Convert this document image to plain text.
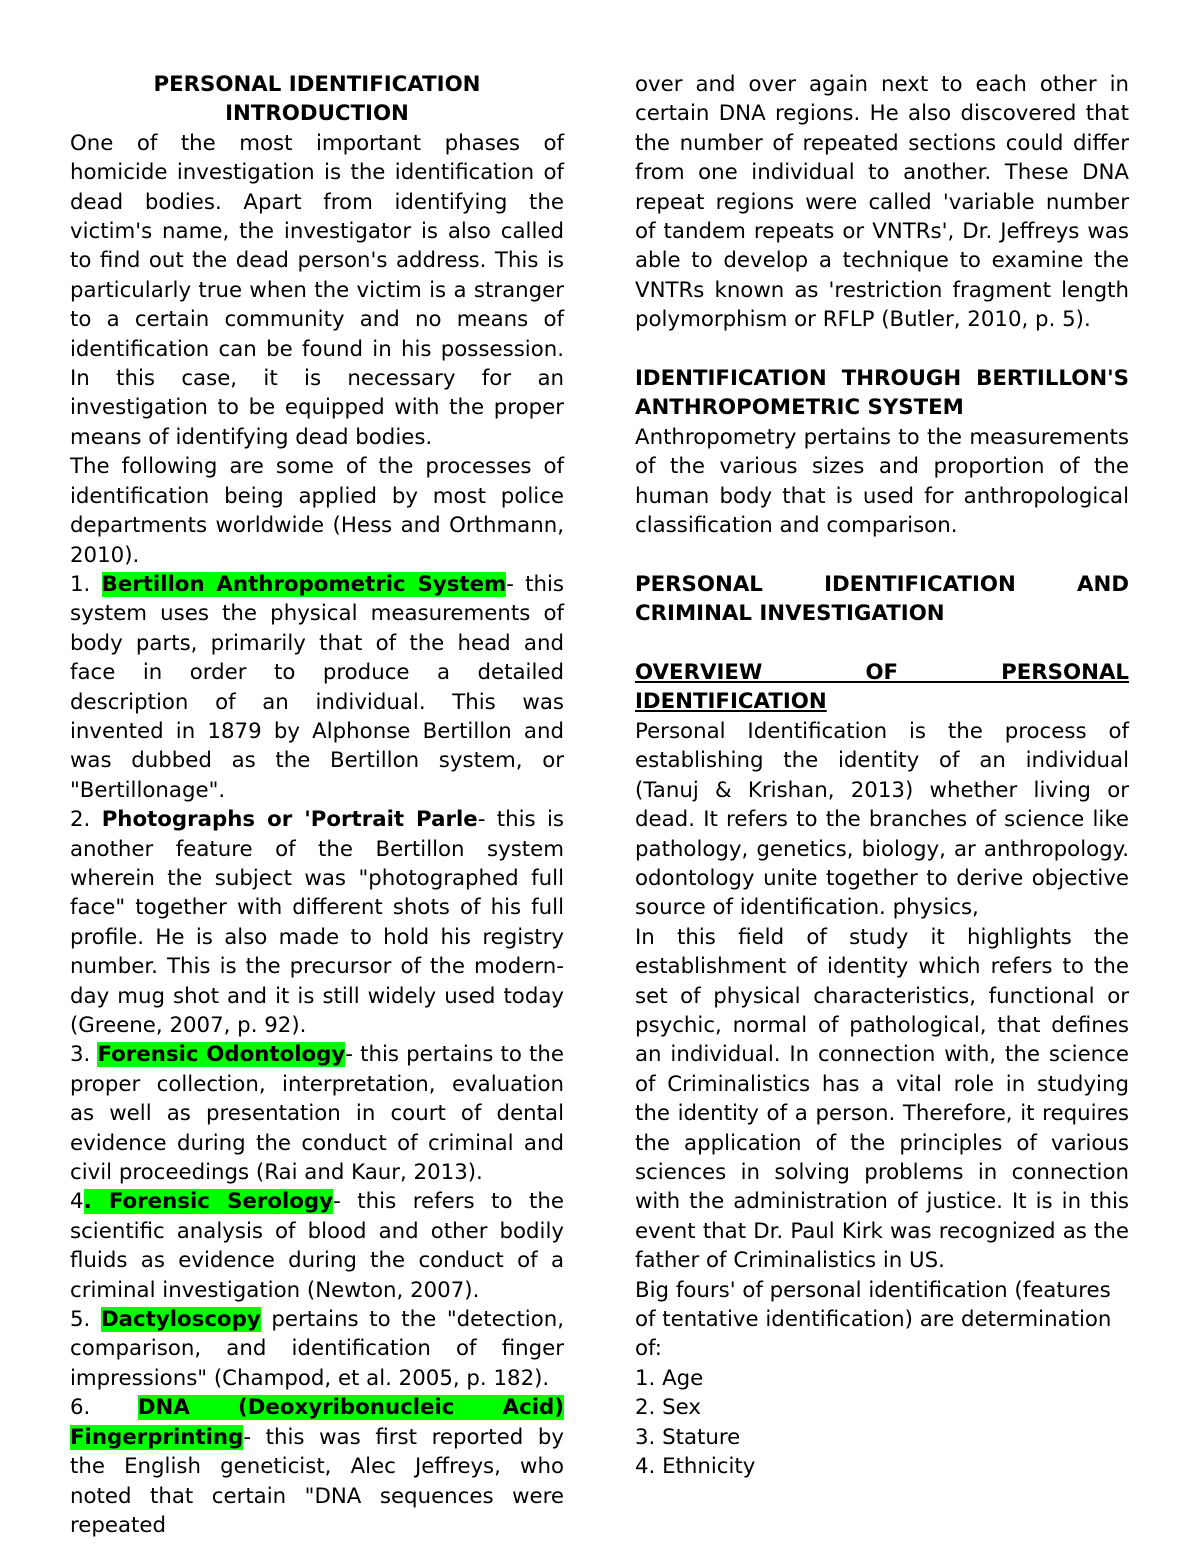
PERSONAL IDENTIFICATION

INTRODUCTION

One of the most important phases of homicide investigation is the identification of dead bodies. Apart from identifying the victim's name, the investigator is also called to find out the dead person's address. This is particularly true when the victim is a stranger to a certain community and no means of identification can be found in his possession. In this case, it is necessary for an investigation to be equipped with the proper means of identifying dead bodies.

The following are some of the processes of identification being applied by most police departments worldwide (Hess and Orthmann, 2010).

1. Bertillon Anthropometric System- this system uses the physical measurements of body parts, primarily that of the head and face in order to produce a detailed description of an individual. This was invented in 1879 by Alphonse Bertillon and was dubbed as the Bertillon system, or "Bertillonage".

2. Photographs or 'Portrait Parle- this is another feature of the Bertillon system wherein the subject was "photographed full face" together with different shots of his full profile. He is also made to hold his registry number. This is the precursor of the modern-day mug shot and it is still widely used today (Greene, 2007, p. 92).

3. Forensic Odontology- this pertains to the proper collection, interpretation, evaluation as well as presentation in court of dental evidence during the conduct of criminal and civil proceedings (Rai and Kaur, 2013).

4. Forensic Serology- this refers to the scientific analysis of blood and other bodily fluids as evidence during the conduct of a criminal investigation (Newton, 2007).

5. Dactyloscopy pertains to the "detection, comparison, and identification of finger impressions" (Champod, et al. 2005, p. 182).

6. DNA (Deoxyribonucleic Acid) Fingerprinting- this was first reported by the English geneticist, Alec Jeffreys, who noted that certain "DNA sequences were repeated

over and over again next to each other in certain DNA regions. He also discovered that the number of repeated sections could differ from one individual to another. These DNA repeat regions were called 'variable number of tandem repeats or VNTRs', Dr. Jeffreys was able to develop a technique to examine the VNTRs known as 'restriction fragment length polymorphism or RFLP (Butler, 2010, p. 5).

IDENTIFICATION THROUGH BERTILLON'S ANTHROPOMETRIC SYSTEM

Anthropometry pertains to the measurements of the various sizes and proportion of the human body that is used for anthropological classification and comparison.

PERSONAL IDENTIFICATION AND CRIMINAL INVESTIGATION

OVERVIEW OF PERSONAL IDENTIFICATION

Personal Identification is the process of establishing the identity of an individual (Tanuj & Krishan, 2013) whether living or dead. It refers to the branches of science like pathology, genetics, biology, ar anthropology. odontology unite together to derive objective source of identification. physics,

In this field of study it highlights the establishment of identity which refers to the set of physical characteristics, functional or psychic, normal of pathological, that defines an individual. In connection with, the science of Criminalistics has a vital role in studying the identity of a person. Therefore, it requires the application of the principles of various sciences in solving problems in connection with the administration of justice. It is in this event that Dr. Paul Kirk was recognized as the father of Criminalistics in US.

Big fours' of personal identification (features of tentative identification) are determination of:

1. Age

2. Sex

3. Stature

4. Ethnicity
